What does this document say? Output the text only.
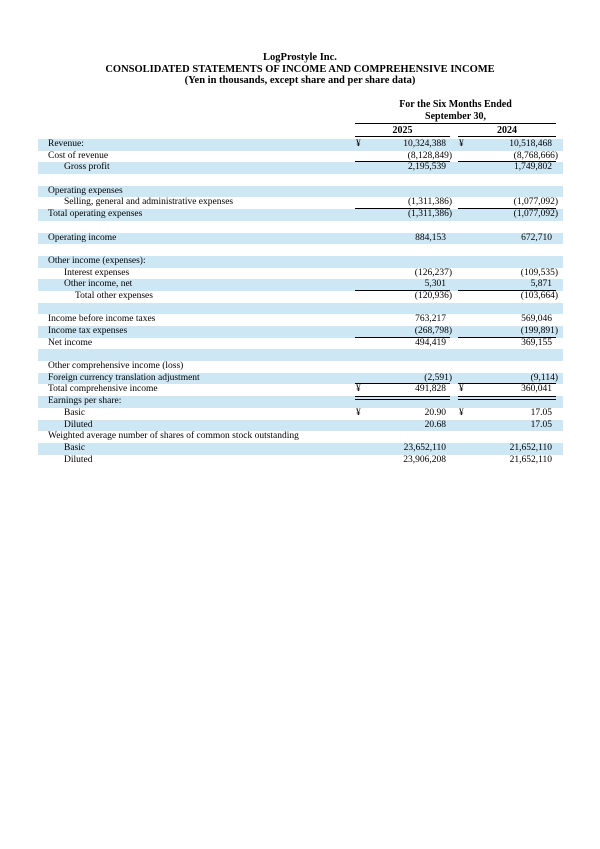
LogProstyle Inc.
CONSOLIDATED STATEMENTS OF INCOME AND COMPREHENSIVE INCOME
(Yen in thousands, except share and per share data)
For the Six Months Ended
September 30,
2025	2024
Revenue:	¥	10,324,388	¥	10,518,468
Cost of revenue	(8,128,849)	(8,768,666)
Gross profit	2,195,539	1,749,802
Operating expenses
Selling, general and administrative expenses	(1,311,386)	(1,077,092)
Total operating expenses	(1,311,386)	(1,077,092)
Operating income	884,153	672,710
Other income (expenses):
Interest expenses	(126,237)	(109,535)
Other income, net	5,301	5,871
Total other expenses	(120,936)	(103,664)
Income before income taxes	763,217	569,046
Income tax expenses	(268,798)	(199,891)
Net income	494,419	369,155
Other comprehensive income (loss)
Foreign currency translation adjustment	(2,591)	(9,114)
Total comprehensive income	¥	491,828	¥	360,041
Earnings per share:
Basic	¥	20.90	¥	17.05
Diluted	20.68	17.05
Weighted average number of shares of common stock outstanding
Basic	23,652,110	21,652,110
Diluted	23,906,208	21,652,110
